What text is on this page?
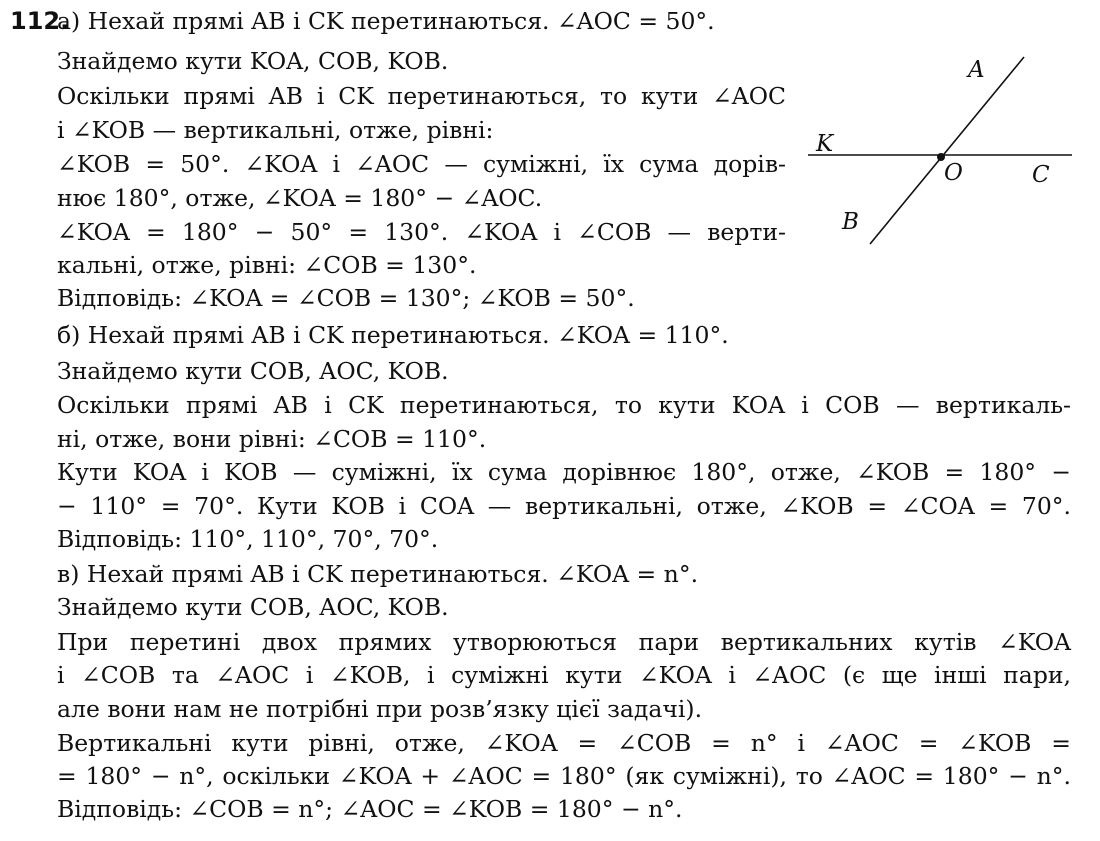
112.
а) Нехай прямі AB і CK перетинаються. ∠AOC = 50°.
Знайдемо кути KOA, COB, KOB.
Оскільки прямі AB і CK перетинаються, то кути ∠AOC
і ∠KOB — вертикальні, отже, рівні:
∠KOB = 50°. ∠KOA і ∠AOC — суміжні, їх сума дорів-
нює 180°, отже, ∠KOA = 180° − ∠AOC.
∠KOA = 180° − 50° = 130°. ∠KOA і ∠COB — верти-
кальні, отже, рівні: ∠COB = 130°.
Відповідь: ∠KOA = ∠COB = 130°; ∠KOB = 50°.
б) Нехай прямі AB і CK перетинаються. ∠KOA = 110°.
Знайдемо кути COB, AOC, KOB.
Оскільки прямі AB і CK перетинаються, то кути KOA і COB — вертикаль-
ні, отже, вони рівні: ∠COB = 110°.
Кути KOA і KOB — суміжні, їх сума дорівнює 180°, отже, ∠KOB = 180° −
− 110° = 70°. Кути KOB і COA — вертикальні, отже, ∠KOB = ∠COA = 70°.
Відповідь: 110°, 110°, 70°, 70°.
в) Нехай прямі AB і CK перетинаються. ∠KOA = n°.
Знайдемо кути COB, AOC, KOB.
При перетині двох прямих утворюються пари вертикальних кутів ∠KOA
і ∠COB та ∠AOC і ∠KOB, і суміжні кути ∠KOA і ∠AOC (є ще інші пари,
але вони нам не потрібні при розв’язку цієї задачі).
Вертикальні кути рівні, отже, ∠KOA = ∠COB = n° і ∠AOC = ∠KOB =
= 180° − n°, оскільки ∠KOA + ∠AOC = 180° (як суміжні), то ∠AOC = 180° − n°.
Відповідь: ∠COB = n°; ∠AOC = ∠KOB = 180° − n°.
A
K
O	C
B
